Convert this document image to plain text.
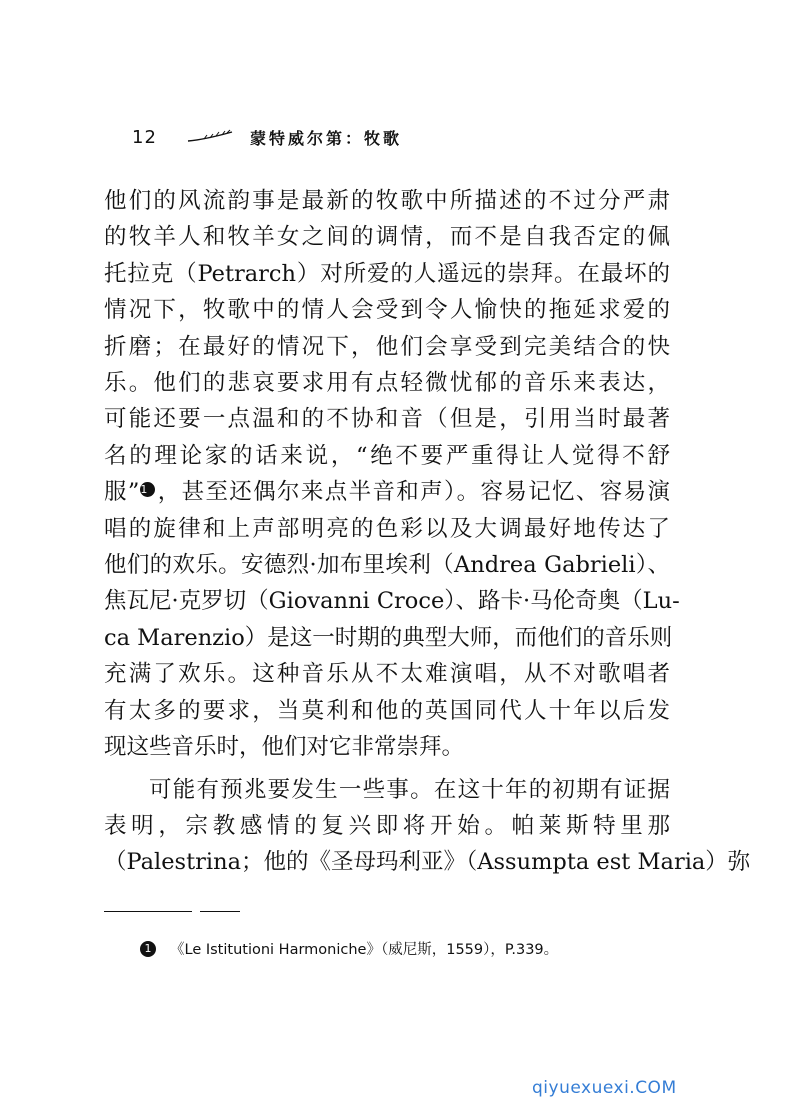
12	蒙特威尔第：牧歌

他们的风流韵事是最新的牧歌中所描述的不过分严肃
的牧羊人和牧羊女之间的调情，而不是自我否定的佩
托拉克（Petrarch）对所爱的人遥远的崇拜。在最坏的
情况下，牧歌中的情人会受到令人愉快的拖延求爱的
折磨；在最好的情况下，他们会享受到完美结合的快
乐。他们的悲哀要求用有点轻微忧郁的音乐来表达，
可能还要一点温和的不协和音（但是，引用当时最著
名的理论家的话来说，“绝不要严重得让人觉得不舒
服”1 ，甚至还偶尔来点半音和声）。容易记忆、容易演
唱的旋律和上声部明亮的色彩以及大调最好地传达了
他们的欢乐。安德烈·加布里埃利（Andrea Gabrieli）、
焦瓦尼·克罗切（Giovanni Croce）、路卡·马伦奇奥（Lu-
ca Marenzio）是这一时期的典型大师，而他们的音乐则
充满了欢乐。这种音乐从不太难演唱，从不对歌唱者
有太多的要求，当莫利和他的英国同代人十年以后发
现这些音乐时，他们对它非常崇拜。

可能有预兆要发生一些事。在这十年的初期有证据
表明，宗教感情的复兴即将开始。帕莱斯特里那
（Palestrina；他的《圣母玛利亚》（Assumpta est Maria）弥

1	《Le Istitutioni Harmoniche》（威尼斯，1559），P.339。
qiyuexuexi.COM
